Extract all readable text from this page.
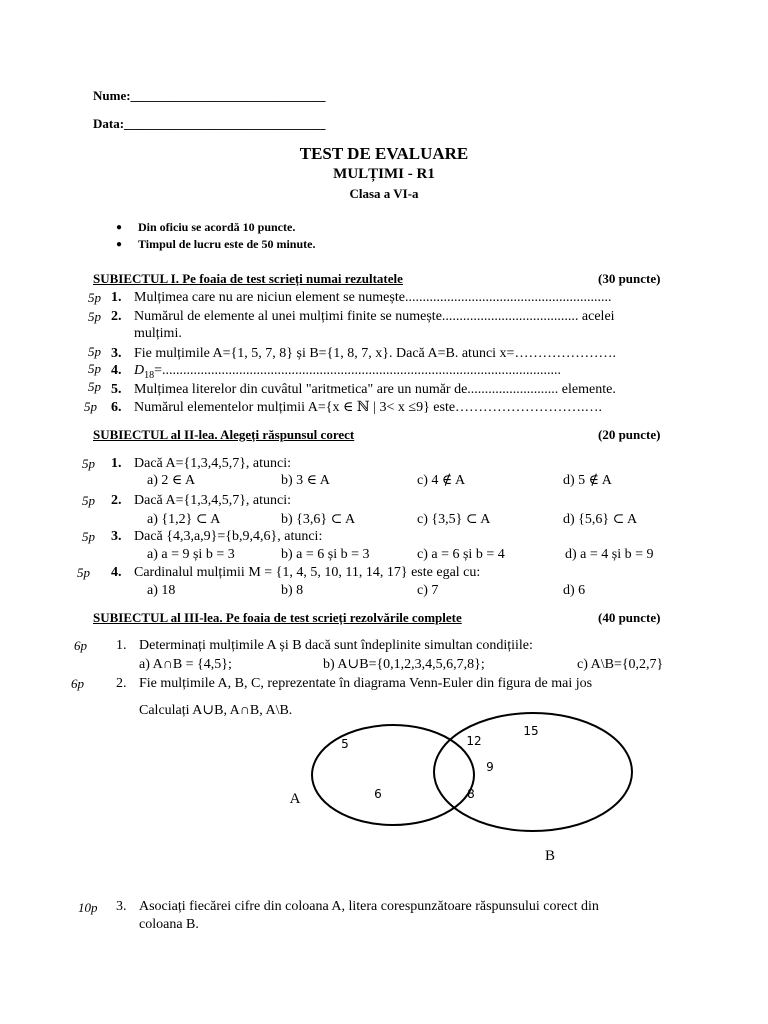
Nume:______________________________
Data:_______________________________
TEST DE EVALUARE
MULȚIMI - R1
Clasa a VI-a
● Din oficiu se acordă 10 puncte.
● Timpul de lucru este de 50 minute.
SUBIECTUL I. Pe foaia de test scrieți numai rezultatele	(30 puncte)
5p 1. Mulțimea care nu are niciun element se numește...........................................................
5p 2. Numărul de elemente al unei mulțimi finite se numește....................................... acelei
mulțimi.
5p 3. Fie mulțimile A={1, 5, 7, 8} și B={1, 8, 7, x}. Dacă A=B. atunci x=………………….
5p 4. $D_{18}=$..................................................................................................................
5p 5. Mulțimea literelor din cuvâtul "aritmetica" are un număr de.......................... elemente.
5p 6. Numărul elementelor mulțimii A={x ∈ ℕ | 3< x ≤9} este……………………….….
SUBIECTUL al II-lea. Alegeți răspunsul corect	(20 puncte)
5p 1. Dacă A={1,3,4,5,7}, atunci:
a) 2 ∈ A	b) 3 ∈ A	c) 4 ∉ A	d) 5 ∉ A
5p 2. Dacă A={1,3,4,5,7}, atunci:
a) {1,2} ⊂ A	b) {3,6} ⊂ A	c) {3,5} ⊂ A	d) {5,6} ⊂ A
5p 3. Dacă {4,3,a,9}={b,9,4,6}, atunci:
a) a = 9 și b = 3	b) a = 6 și b = 3	c) a = 6 și b = 4	d) a = 4 și b = 9
5p 4. Cardinalul mulțimii M = {1, 4, 5, 10, 11, 14, 17} este egal cu:
a) 18	b) 8	c) 7	d) 6
SUBIECTUL al III-lea. Pe foaia de test scrieți rezolvările complete	(40 puncte)
6p 1. Determinați mulțimile A și B dacă sunt îndeplinite simultan condițiile:
a) A∩B = {4,5};	b) A∪B={0,1,2,3,4,5,6,7,8};	c) A\B={0,2,7}
6p 2. Fie mulțimile A, B, C, reprezentate în diagrama Venn-Euler din figura de mai jos
Calculați A∪B, A∩B, A\B.
5
6
12
9
8
15
A
B
10p 3. Asociați fiecărei cifre din coloana A, litera corespunzătoare răspunsului corect din
coloana B.
